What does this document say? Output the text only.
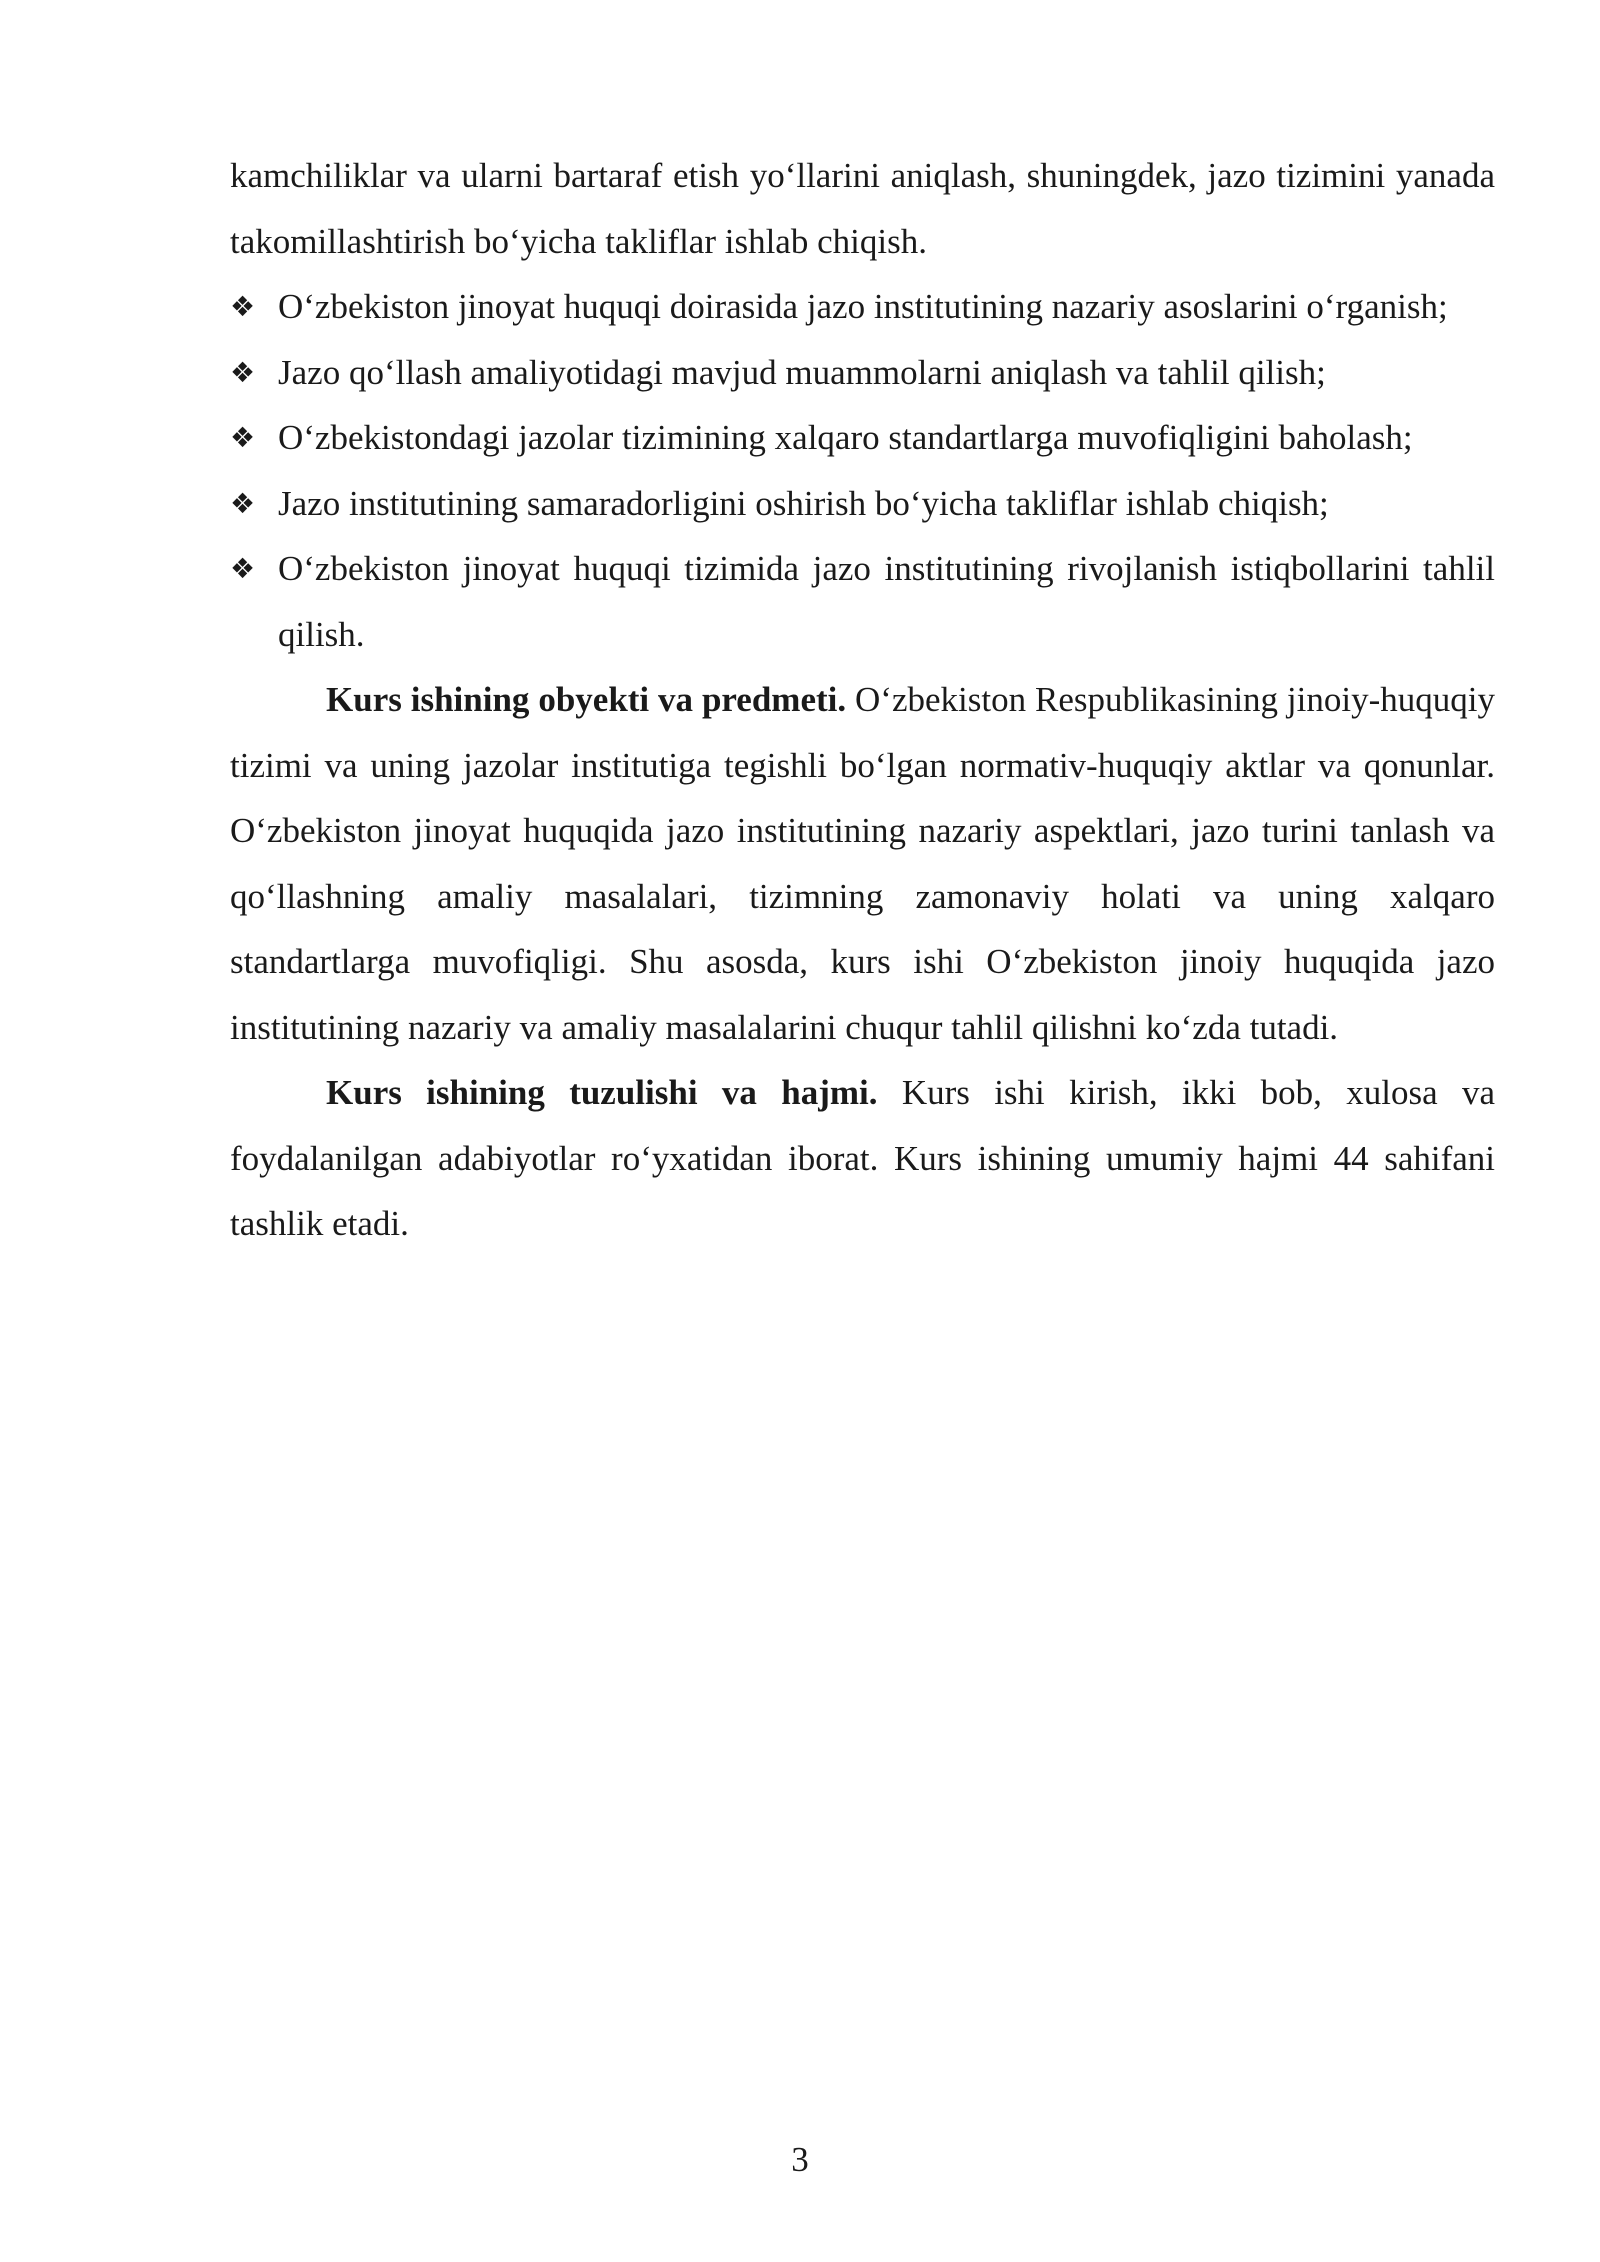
kamchiliklar va ularni bartaraf etish yo‘llarini aniqlash, shuningdek, jazo tizimini yanada takomillashtirish bo‘yicha takliflar ishlab chiqish.

❖ O‘zbekiston jinoyat huquqi doirasida jazo institutining nazariy asoslarini o‘rganish;
❖ Jazo qo‘llash amaliyotidagi mavjud muammolarni aniqlash va tahlil qilish;
❖ O‘zbekistondagi jazolar tizimining xalqaro standartlarga muvofiqligini baholash;
❖ Jazo institutining samaradorligini oshirish bo‘yicha takliflar ishlab chiqish;
❖ O‘zbekiston jinoyat huquqi tizimida jazo institutining rivojlanish istiqbollarini tahlil qilish.

Kurs ishining obyekti va predmeti. O‘zbekiston Respublikasining jinoiy-huquqiy tizimi va uning jazolar institutiga tegishli bo‘lgan normativ-huquqiy aktlar va qonunlar. O‘zbekiston jinoyat huquqida jazo institutining nazariy aspektlari, jazo turini tanlash va qo‘llashning amaliy masalalari, tizimning zamonaviy holati va uning xalqaro standartlarga muvofiqligi. Shu asosda, kurs ishi O‘zbekiston jinoiy huquqida jazo institutining nazariy va amaliy masalalarini chuqur tahlil qilishni ko‘zda tutadi.

Kurs ishining tuzulishi va hajmi. Kurs ishi kirish, ikki bob, xulosa va foydalanilgan adabiyotlar ro‘yxatidan iborat. Kurs ishining umumiy hajmi 44 sahifani tashlik etadi.

3
